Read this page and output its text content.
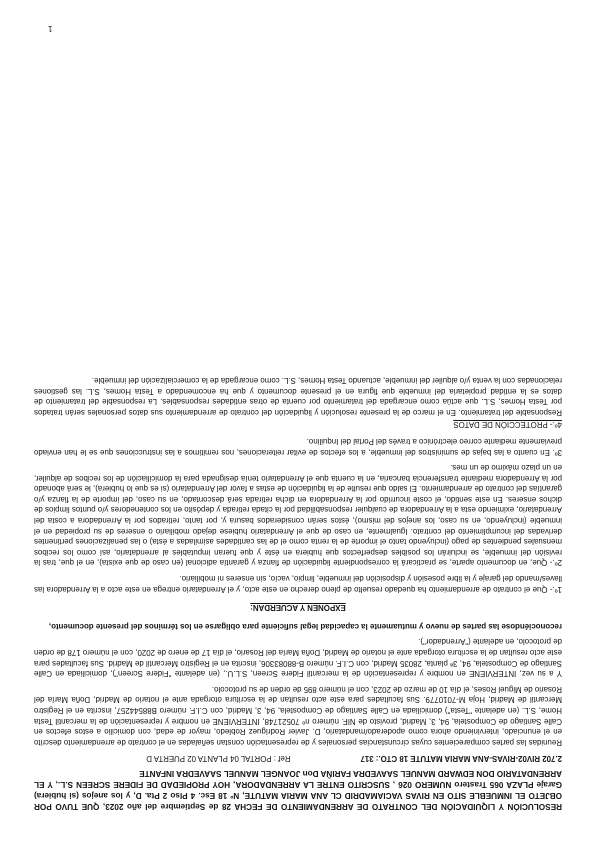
RESOLUCIÓN Y LIQUIDACIÓN DEL CONTRATO DE ARRENDAMIENTO DE FECHA 28 de Septiembre del año 2023, QUE TUVO POR OBJETO EL INMUEBLE SITO EN RIVAS VACIAMADRID CL ANA MARIA MATUTE, Nº 18 Esc. 4 Plso 2 Pta. D, y los anejos (si hubiera) Garaje PLAZA 065 Trastero NUMERO 026 , SUSCRITO ENTRE LA ARRENDADORA, HOY PROPIEDAD DE FIDERE SCREEN S.L., Y EL ARRENDATARIO DON EDWARD MANUEL SAAVEDRA FARIÑA Don JOANGEL MANUEL SAAVEDRA INFANTE
2.702

RIV02-RIVAS-ANA MARIA MATUTE 18 CTO.: 317
Ref : PORTAL 04 PLANTA 02 PUERTA D

Reunidas las partes comparecientes cuyas circunstancias personales y de representación constan señaladas en el contrato de arrendamiento descrito en el enunciado, interviniendo ahora como apoderado/mandatario, D. Javier Rodríguez Robledo, mayor de edad, con domicilio a estos efectos en Calle Santiago de Compostela, 94, 3, Madrid, provisto de NIF. número nº 70521748, INTERVIENE en nombre y representación de la mercantil Testa Home, S.L. (en adelante "Testa") domiciliada en Calle Santiago de Compostela, 94, 3, Madrid, con C.I.F. número B88544257, inscrita en el Registro Mercantil de Madrid, Hoja M-7010779. Sus facultades para este acto resultan de la escritura otorgada ante el notario de Madrid, Doña María del Rosario de Miguel Roses, el día 10 de marzo de 2023, con el número 895 de orden de su protocolo.

Y a su vez, INTERVIENE en nombre y representación de la mercantil Fidere Screen, S.L.U., (en adelante "Fidere Screen"), domiciliada en Calle Santiago de Compostela, 94, 3ª planta, 28035 Madrid, con C.I.F. número B-88083306, inscrita en el Registro Mercantil de Madrid. Sus facultades para este acto resultan de la escritura otorgada ante el notario de Madrid, Doña María del Rosario, el día 17 de enero de 2020, con el número 178 de orden de protocolo, en adelante ("Arrendador").

reconociéndose las partes de nuevo y mutuamente la capacidad legal suficiente para obligarse en los términos del presente documento,

EXPONEN Y ACUERDAN:

1º.- Que el contrato de arrendamiento ha quedado resuelto de pleno derecho en este acto, y el Arrendatario entrega en este acto a la Arrendadora las llaves/mando del garaje y la libre posesión y disposición del inmueble, limpio, vacío, sin enseres ni mobiliario.

2º.- Que, en documento aparte, se practicará la correspondiente liquidación de fianza y garantía adicional (en caso de que exista), en el que, tras la revisión del inmueble, se incluirán los posibles desperfectos que hubiera en éste y que fueran imputables al arrendatario, así como los recibos mensuales pendientes de pago (incluyendo tanto el importe de la renta como el de las cantidades asimiladas a ésta) o las penalizaciones pertinentes derivadas del incumplimiento del contrato. Igualmente, en caso de que el Arrendatario hubiese dejado mobiliario o enseres de su propiedad en el inmueble (incluyendo, en su caso, los anejos del mismo), éstos serán considerados basura y, por tanto, retirados por la Arrendadora a costa del Arrendatario, eximiendo esta a la Arrendadora de cualquier responsabilidad por la citada retirada y depósito en los contenedores y/o puntos limpios de dichos enseres. En este sentido, el coste incurrido por la Arrendadora en dicha retirada será descontado, en su caso, del importe de la fianza y/o garantías del contrato de arrendamiento. El saldo que resulte de la liquidación de estas a favor del Arrendatario (si es que lo hubiera), le será abonado por la Arrendadora mediante transferencia bancaria, en la cuenta que el Arrendatario tenía designada para la domiciliación de los recibos de alquiler, en un plazo máximo de un mes.

3º. En cuanto a las bajas de suministros del inmueble, a los efectos de evitar reiteraciones, nos remitimos a las instrucciones que se le han enviado previamente mediante correo electrónico a través del Portal del Inquilino.

4º.- PROTECCIÓN DE DATOS

Responsable del tratamiento. En el marco de la presente resolución y liquidación del contrato de arrendamiento sus datos personales serán tratados por Testa Homes, S.L. que actúa como encargada del tratamiento por cuenta de otras entidades responsables. La responsable del tratamiento de datos es la entidad propietaria del inmueble que figura en el presente documento y que ha encomendado a Testa Homes, S.L. las gestiones relacionadas con la venta y/o alquiler del inmueble, actuando Testa Homes, S.L. como encargada de la comercialización del inmueble.

1
